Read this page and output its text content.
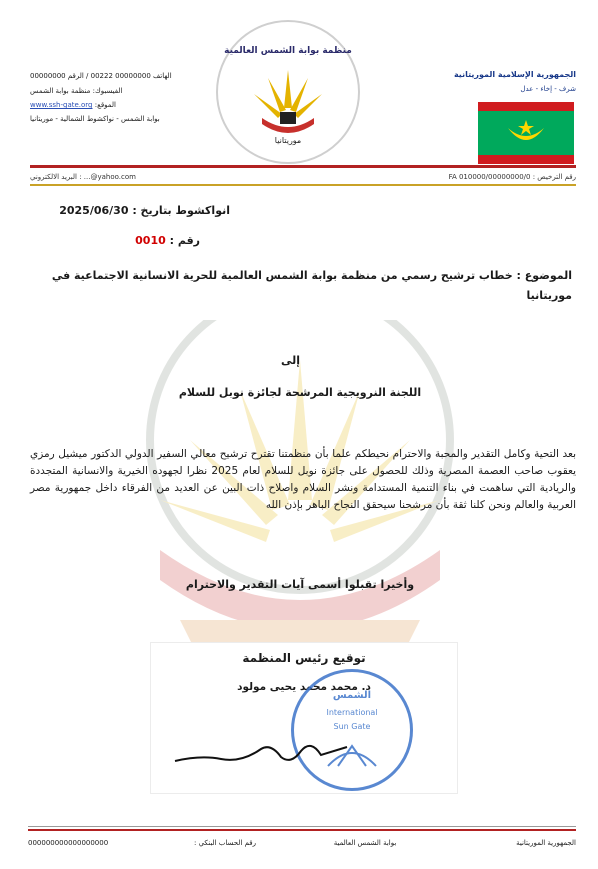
الجمهورية الإسلامية الموريتانية
شرف - إخاء - عدل
الهاتف 00000000 00222 / الرقم 00000000
الفيسبوك: منظمة بوابة الشمس
الموقع: www.ssh-gate.org
بوابة الشمس - نواكشوط الشمالية - موريتانيا
منظمة بوابة الشمس العالمية
موريتانيا
البريد الالكتروني : ...@yahoo.com	رقم الترخيص : 0/FA 010000/00000000
انواكشوط بتاريخ : 2025/06/30
رقم : 0010
الموضوع : خطاب ترشيح رسمي من منظمة بوابة الشمس العالمية للحرية الانسانية الاجتماعية في
موريتانيا
إلى
اللجنة النرويجية المرشحة لجائزة نوبل للسلام
بعد التحية وكامل التقدير والمحبة والاحترام نحيطكم علما بأن منظمتنا تقترح ترشيح معالي السفير الدولي الدكتور ميشيل رمزي يعقوب صاحب العصمة المصرية وذلك للحصول على جائزة نوبل للسلام لعام 2025 نظرا لجهوده الخيرية والانسانية المتجددة والريادية التي ساهمت في بناء التنمية المستدامة ونشر السلام واصلاح ذات البين عن العديد من الفرقاء داخل جمهورية مصر العربية والعالم ونحن كلنا ثقة بأن مرشحنا سيحقق النجاح الباهر بإذن الله
وأخيرا تقبلوا أسمى آيات التقدير والاحترام
توقيع رئيس المنظمة
د. محمد محمد يحيى مولود
الشمس
International
Sun Gate
الجمهورية الموريتانية
بوابة الشمس العالمية
رقم الحساب البنكي :
000000000000000000
